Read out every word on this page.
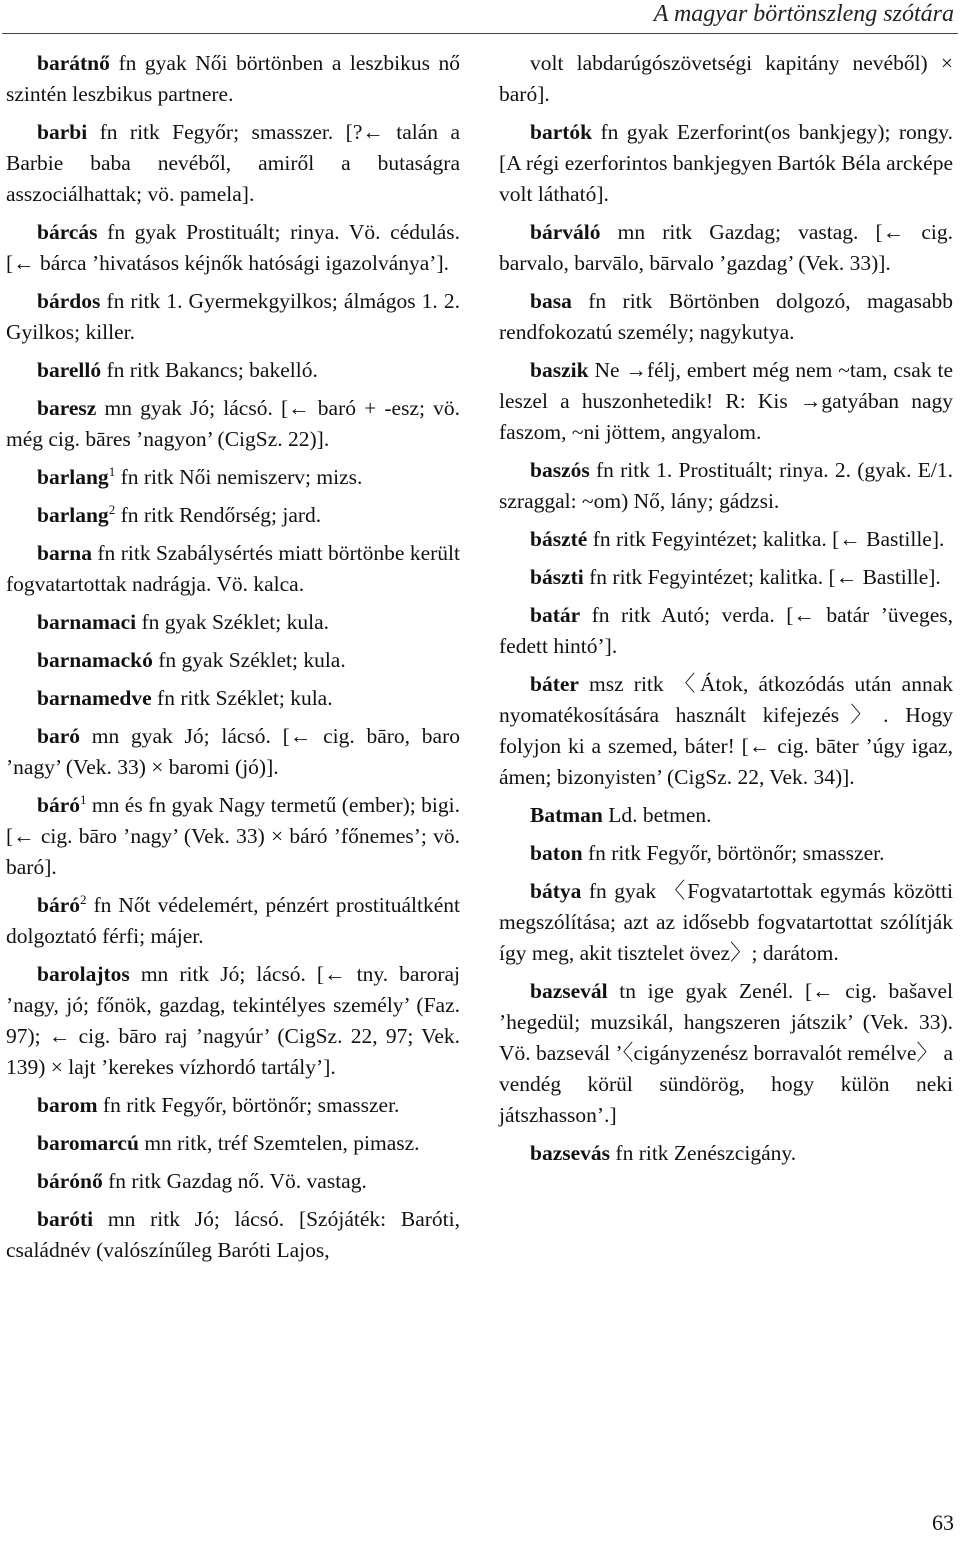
A magyar börtönszleng szótára

barátnő fn gyak Női börtönben a leszbikus nő szintén leszbikus partnere.

barbi fn ritk Fegyőr; smasszer. [?← talán a Barbie baba nevéből, amiről a butaságra asszociálhattak; vö. pamela].

bárcás fn gyak Prostituált; rinya. Vö. cédulás. [← bárca ’hivatásos kéjnők hatósági igazolványa’].

bárdos fn ritk 1. Gyermekgyilkos; álmágos 1. 2. Gyilkos; killer.

barelló fn ritk Bakancs; bakelló.

baresz mn gyak Jó; lácsó. [← baró + -esz; vö. még cig. bāres ’nagyon’ (CigSz. 22)].

barlang$^1$ fn ritk Női nemiszerv; mizs.

barlang$^2$ fn ritk Rendőrség; jard.

barna fn ritk Szabálysértés miatt börtönbe került fogvatartottak nadrágja. Vö. kalca.

barnamaci fn gyak Széklet; kula.

barnamackó fn gyak Széklet; kula.

barnamedve fn ritk Széklet; kula.

baró mn gyak Jó; lácsó. [← cig. bāro, baro ’nagy’ (Vek. 33) × baromi (jó)].

báró$^1$ mn és fn gyak Nagy termetű (ember); bigi. [← cig. bāro ’nagy’ (Vek. 33) × báró ’főnemes’; vö. baró].

báró$^2$ fn Nőt védelemért, pénzért prostituáltként dolgoztató férfi; májer.

barolajtos mn ritk Jó; lácsó. [← tny. baroraj ’nagy, jó; főnök, gazdag, tekintélyes személy’ (Faz. 97); ← cig. bāro raj ’nagyúr’ (CigSz. 22, 97; Vek. 139) × lajt ’kerekes vízhordó tartály’].

barom fn ritk Fegyőr, börtönőr; smasszer.

baromarcú mn ritk, tréf Szemtelen, pimasz.

bárónő fn ritk Gazdag nő. Vö. vastag.

baróti mn ritk Jó; lácsó. [Szójáték: Baróti, családnév (valószínűleg Baróti Lajos,

volt labdarúgószövetségi kapitány nevéből) × baró].

bartók fn gyak Ezerforint(os bankjegy); rongy. [A régi ezerforintos bankjegyen Bartók Béla arcképe volt látható].

bárváló mn ritk Gazdag; vastag. [← cig. barvalo, barvālo, bārvalo ’gazdag’ (Vek. 33)].

basa fn ritk Börtönben dolgozó, magasabb rendfokozatú személy; nagykutya.

baszik Ne →félj, embert még nem ~tam, csak te leszel a huszonhetedik! R: Kis →gatyában nagy faszom, ~ni jöttem, angyalom.

baszós fn ritk 1. Prostituált; rinya. 2. (gyak. E/1. szraggal: ~om) Nő, lány; gádzsi.

bászté fn ritk Fegyintézet; kalitka. [← Bastille].

bászti fn ritk Fegyintézet; kalitka. [← Bastille].

batár fn ritk Autó; verda. [← batár ’üveges, fedett hintó’].

báter msz ritk 〈Átok, átkozódás után annak nyomatékosítására használt kifejezés〉. Hogy folyjon ki a szemed, báter! [← cig. bāter ’úgy igaz, ámen; bizonyisten’ (CigSz. 22, Vek. 34)].

Batman Ld. betmen.

baton fn ritk Fegyőr, börtönőr; smasszer.

bátya fn gyak 〈Fogvatartottak egymás közötti megszólítása; azt az idősebb fogvatartottat szólítják így meg, akit tisztelet övez〉; darátom.

bazsevál tn ige gyak Zenél. [← cig. bašavel ’hegedül; muzsikál, hangszeren játszik’ (Vek. 33). Vö. bazsevál ’〈cigányzenész borravalót remélve〉 a vendég körül sündörög, hogy külön neki játszhasson’.]

bazsevás fn ritk Zenészcigány.

63
